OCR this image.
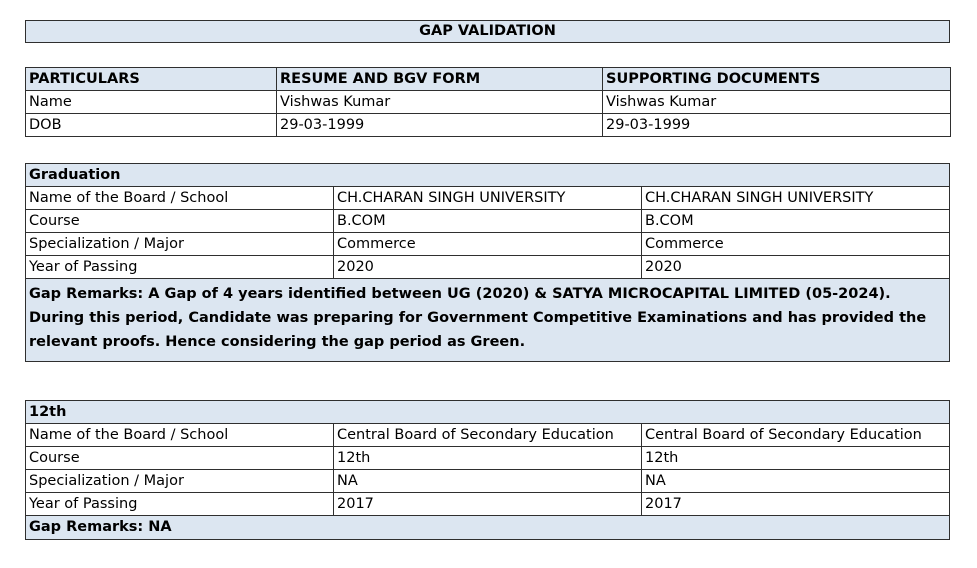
GAP VALIDATION
PARTICULARS	RESUME AND BGV FORM	SUPPORTING DOCUMENTS
Name	Vishwas Kumar	Vishwas Kumar
DOB	29-03-1999	29-03-1999
Graduation		
Name of the Board / School	CH.CHARAN SINGH UNIVERSITY	CH.CHARAN SINGH UNIVERSITY
Course	B.COM	B.COM
Specialization / Major	Commerce	Commerce
Year of Passing	2020	2020
Gap Remarks: A Gap of 4 years identified between UG (2020) & SATYA MICROCAPITAL LIMITED (05-2024). During this period, Candidate was preparing for Government Competitive Examinations and has provided the relevant proofs. Hence considering the gap period as Green.
12th		
Name of the Board / School	Central Board of Secondary Education	Central Board of Secondary Education
Course	12th	12th
Specialization / Major	NA	NA
Year of Passing	2017	2017
Gap Remarks: NA
